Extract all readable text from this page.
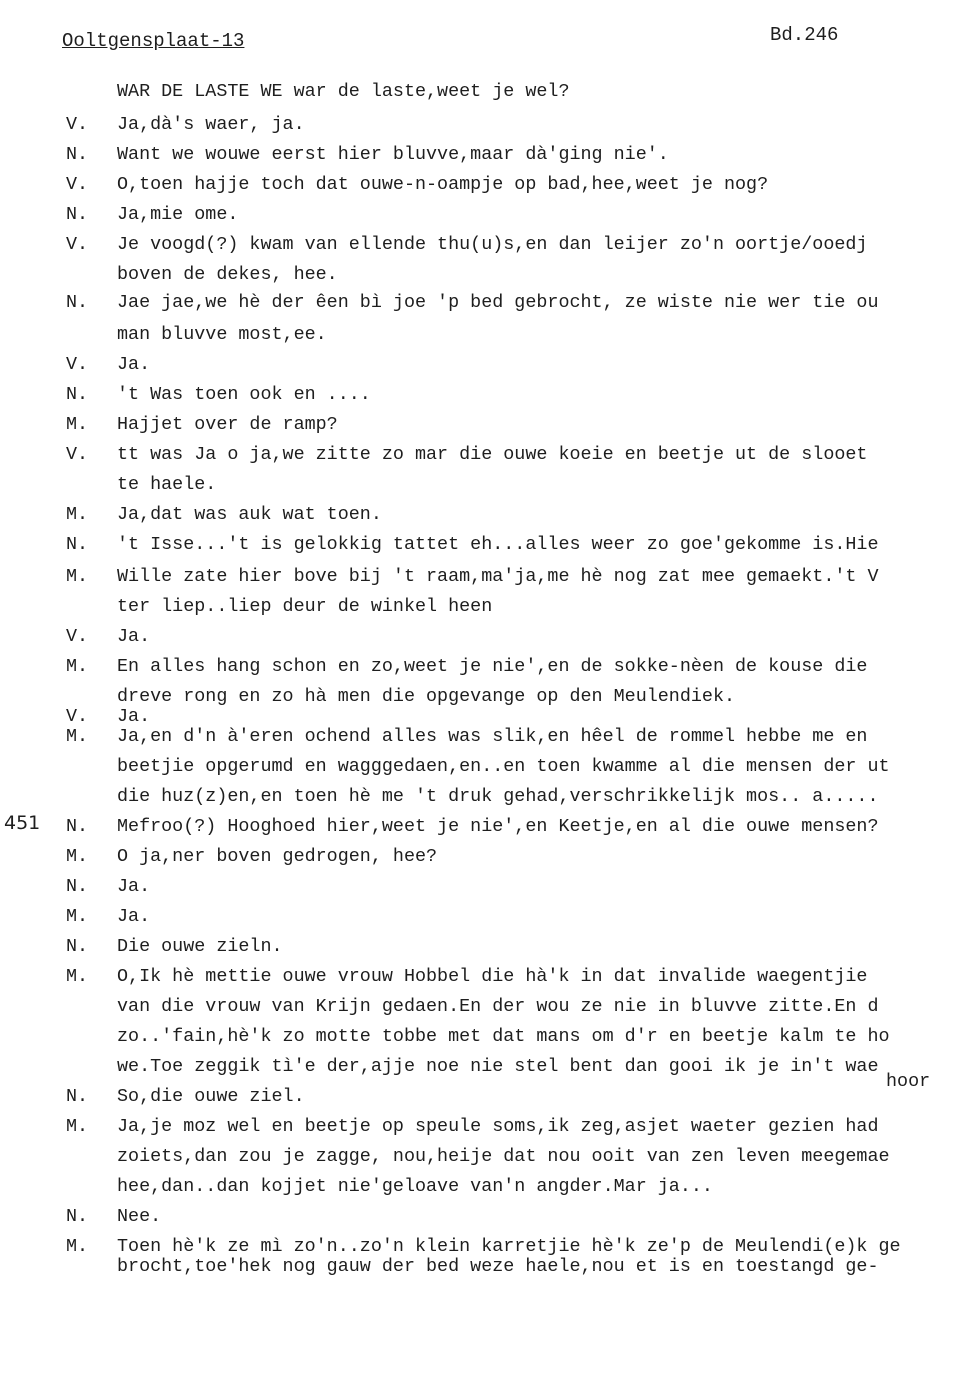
Ooltgensplaat-13	Bd.246
451
WAR DE LASTE WE war de laste,weet je wel?
V. Ja,dà's waer, ja.
N. Want we wouwe eerst hier bluvve,maar dà'ging nie'.
V. O,toen hajje toch dat ouwe-n-oampje op bad,hee,weet je nog?
N. Ja,mie ome.
V. Je voogd(?) kwam van ellende thu(u)s,en dan leijer zo'n oortje/ooedj
boven de dekes, hee.
N. Jae jae,we hè der êen bì joe 'p bed gebrocht, ze wiste nie wer tie ou
man bluvve most,ee.
V. Ja.
N. 't Was toen ook en ....
M. Hajjet over de ramp?
V. tt was Ja o ja,we zitte zo mar die ouwe koeie en beetje ut de slooet
te haele.
M. Ja,dat was auk wat toen.
N. 't Isse...'t is gelokkig tattet eh...alles weer zo goe'gekomme is.Hie
M. Wille zate hier bove bij 't raam,ma'ja,me hè nog zat mee gemaekt.'t V
ter liep..liep deur de winkel heen
V. Ja.
M. En alles hang schon en zo,weet je nie',en de sokke-nèen de kouse die
dreve rong en zo hà men die opgevange op den Meulendiek.
V. Ja.
M. Ja,en d'n à'eren ochend alles was slik,en hêel de rommel hebbe me en
beetjie opgerumd en wagggedaen,en..en toen kwamme al die mensen der ut
die huz(z)en,en toen hè me 't druk gehad,verschrikkelijk mos.. a.....
N. Mefroo(?) Hooghoed hier,weet je nie',en Keetje,en al die ouwe mensen?
M. O ja,ner boven gedrogen, hee?
N. Ja.
M. Ja.
N. Die ouwe zieln.
M. O,Ik hè mettie ouwe vrouw Hobbel die hà'k in dat invalide waegentjie
van die vrouw van Krijn gedaen.En der wou ze nie in bluvve zitte.En d
zo..'fain,hè'k zo motte tobbe met dat mans om d'r en beetje kalm te ho
we.Toe zeggik tì'e der,ajje noe nie stel bent dan gooi ik je in't wae
N. So,die ouwe ziel.
M. Ja,je moz wel en beetje op speule soms,ik zeg,asjet waeter gezien had
zoiets,dan zou je zagge, nou,heije dat nou ooit van zen leven meegemae
hee,dan..dan kojjet nie'geloave van'n angder.Mar ja...
N. Nee.
M. Toen hè'k ze mì zo'n..zo'n klein karretjie hè'k ze'p de Meulendi(e)k ge
brocht,toe'hek nog gauw der bed weze haele,nou et is en toestangd ge-
hoor
